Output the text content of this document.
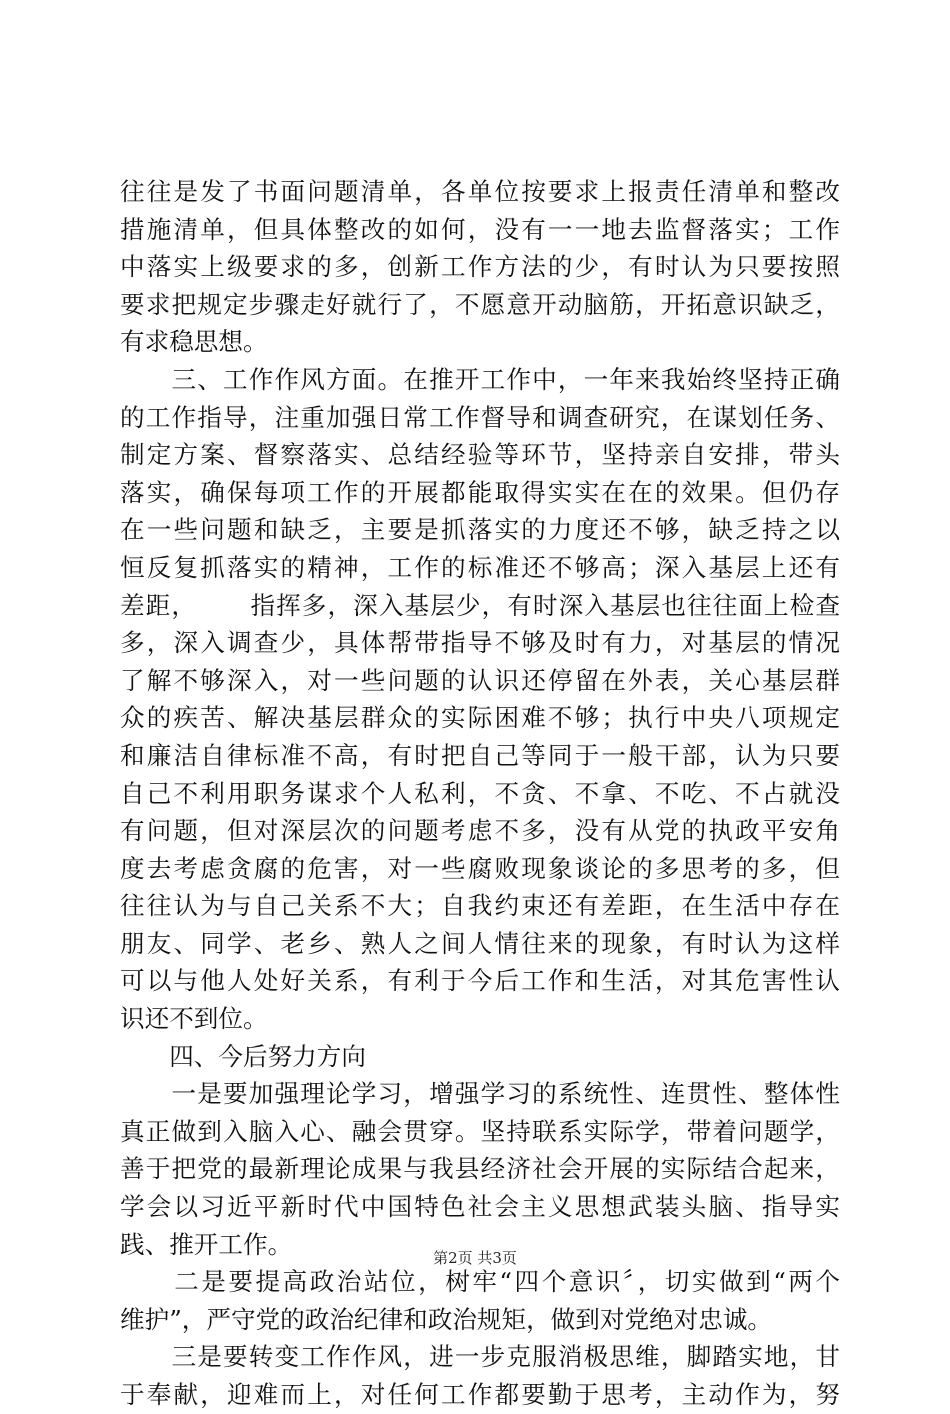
往往是发了书面问题清单，各单位按要求上报责任清单和整改
措施清单，但具体整改的如何，没有一一地去监督落实；工作
中落实上级要求的多，创新工作方法的少，有时认为只要按照
要求把规定步骤走好就行了，不愿意开动脑筋，开拓意识缺乏，
有求稳思想。
　　三、工作作风方面。在推开工作中，一年来我始终坚持正确
的工作指导，注重加强日常工作督导和调查研究，在谋划任务、
制定方案、督察落实、总结经验等环节，坚持亲自安排，带头
落实，确保每项工作的开展都能取得实实在在的效果。但仍存
在一些问题和缺乏，主要是抓落实的力度还不够，缺乏持之以
恒反复抓落实的精神，工作的标准还不够高；深入基层上还有
差距，      指挥多，深入基层少，有时深入基层也往往面上检查
多，深入调查少，具体帮带指导不够及时有力，对基层的情况
了解不够深入，对一些问题的认识还停留在外表，关心基层群
众的疾苦、解决基层群众的实际困难不够；执行中央八项规定
和廉洁自律标准不高，有时把自己等同于一般干部，认为只要
自己不利用职务谋求个人私利，不贪、不拿、不吃、不占就没
有问题，但对深层次的问题考虑不多，没有从党的执政平安角
度去考虑贪腐的危害，对一些腐败现象谈论的多思考的多，但
往往认为与自己关系不大；自我约束还有差距，在生活中存在
朋友、同学、老乡、熟人之间人情往来的现象，有时认为这样
可以与他人处好关系，有利于今后工作和生活，对其危害性认
识还不到位。
　　四、今后努力方向
　　一是要加强理论学习，增强学习的系统性、连贯性、整体性
真正做到入脑入心、融会贯穿。坚持联系实际学，带着问题学，
善于把党的最新理论成果与我县经济社会开展的实际结合起来，
学会以习近平新时代中国特色社会主义思想武装头脑、指导实
践、推开工作。
　　二是要提高政治站位，树牢“四个意识〞，切实做到“两个
维护”，严守党的政治纪律和政治规矩，做到对党绝对忠诚。
　　三是要转变工作作风，进一步克服消极思维，脚踏实地，甘
于奉献，迎难而上，对任何工作都要勤于思考，主动作为，努
第2页 共3页
